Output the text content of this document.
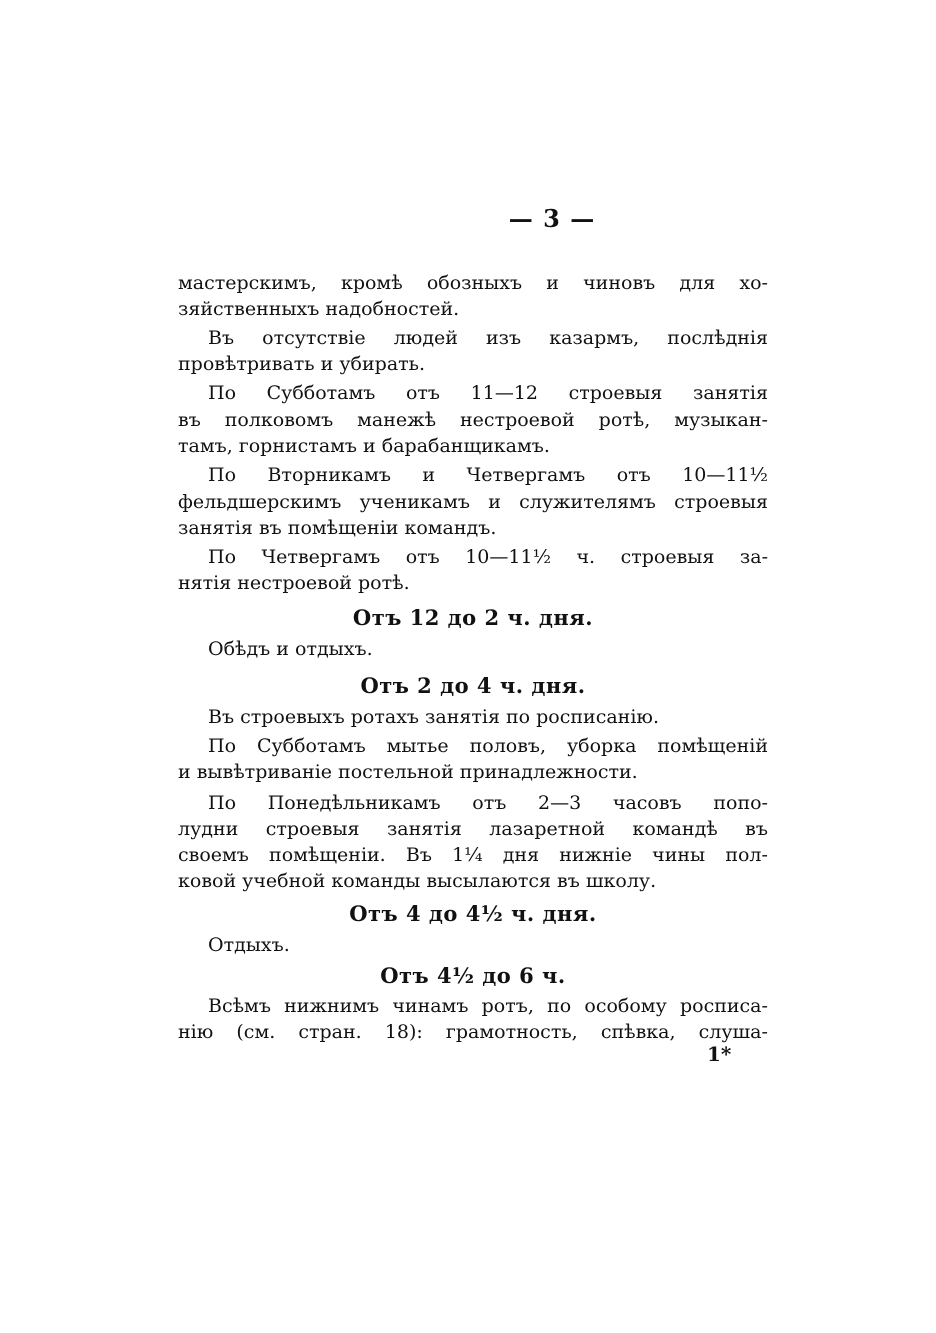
— 3 —
мастерскимъ, кромѣ обозныхъ и чиновъ для хо-
зяйственныхъ надобностей.
Въ отсутствіе людей изъ казармъ, послѣднія
провѣтривать и убирать.
По Субботамъ отъ 11—12 строевыя занятія
въ полковомъ манежѣ нестроевой ротѣ, музыкан-
тамъ, горнистамъ и барабанщикамъ.
По Вторникамъ и Четвергамъ отъ 10—11½
фельдшерскимъ ученикамъ и служителямъ строевыя
занятія въ помѣщеніи командъ.
По Четвергамъ отъ 10—11½ ч. строевыя за-
нятія нестроевой ротѣ.
Отъ 12 до 2 ч. дня.
Обѣдъ и отдыхъ.
Отъ 2 до 4 ч. дня.
Въ строевыхъ ротахъ занятія по росписанію.
По Субботамъ мытье половъ, уборка помѣщеній
и вывѣтриваніе постельной принадлежности.
По Понедѣльникамъ отъ 2—3 часовъ попо-
лудни строевыя занятія лазаретной командѣ въ
своемъ помѣщеніи. Въ 1¼ дня нижніе чины пол-
ковой учебной команды высылаются въ школу.
Отъ 4 до 4½ ч. дня.
Отдыхъ.
Отъ 4½ до 6 ч.
Всѣмъ нижнимъ чинамъ ротъ, по особому росписа-
нію (см. стран. 18): грамотность, спѣвка, слуша-
1*
